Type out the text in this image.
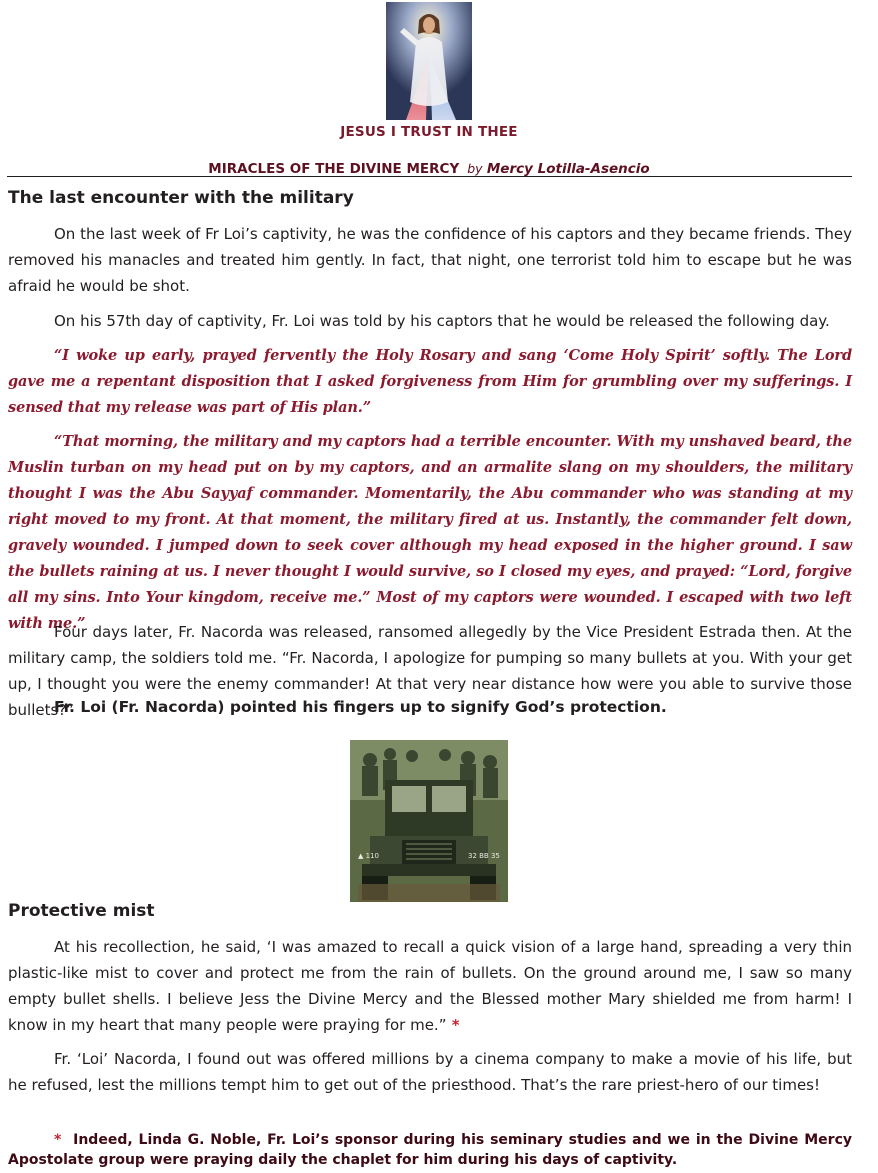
JESUS I TRUST IN THEE
MIRACLES OF THE DIVINE MERCY by Mercy Lotilla-Asencio
The last encounter with the military

On the last week of Fr Loi’s captivity, he was the confidence of his captors and they became friends. They removed his manacles and treated him gently. In fact, that night, one terrorist told him to escape but he was afraid he would be shot.

On his 57th day of captivity, Fr. Loi was told by his captors that he would be released the following day.

“I woke up early, prayed fervently the Holy Rosary and sang ‘Come Holy Spirit’ softly. The Lord gave me a repentant disposition that I asked forgiveness from Him for grumbling over my sufferings. I sensed that my release was part of His plan.”

“That morning, the military and my captors had a terrible encounter. With my unshaved beard, the Muslin turban on my head put on by my captors, and an armalite slang on my shoulders, the military thought I was the Abu Sayyaf commander. Momentarily, the Abu commander who was standing at my right moved to my front. At that moment, the military fired at us. Instantly, the commander felt down, gravely wounded. I jumped down to seek cover although my head exposed in the higher ground. I saw the bullets raining at us. I never thought I would survive, so I closed my eyes, and prayed: “Lord, forgive all my sins. Into Your kingdom, receive me.” Most of my captors were wounded. I escaped with two left with me.”

Four days later, Fr. Nacorda was released, ransomed allegedly by the Vice President Estrada then. At the military camp, the soldiers told me. “Fr. Nacorda, I apologize for pumping so many bullets at you. With your get up, I thought you were the enemy commander! At that very near distance how were you able to survive those bullets?”

Fr. Loi (Fr. Nacorda) pointed his fingers up to signify God’s protection.
▲ 110	32 BB 35
Protective mist

At his recollection, he said, ‘I was amazed to recall a quick vision of a large hand, spreading a very thin plastic-like mist to cover and protect me from the rain of bullets. On the ground around me, I saw so many empty bullet shells. I believe Jess the Divine Mercy and the Blessed mother Mary shielded me from harm! I know in my heart that many people were praying for me.” *

Fr. ‘Loi’ Nacorda, I found out was offered millions by a cinema company to make a movie of his life, but he refused, lest the millions tempt him to get out of the priesthood. That’s the rare priest-hero of our times!

* Indeed, Linda G. Noble, Fr. Loi’s sponsor during his seminary studies and we in the Divine Mercy Apostolate group were praying daily the chaplet for him during his days of captivity.
